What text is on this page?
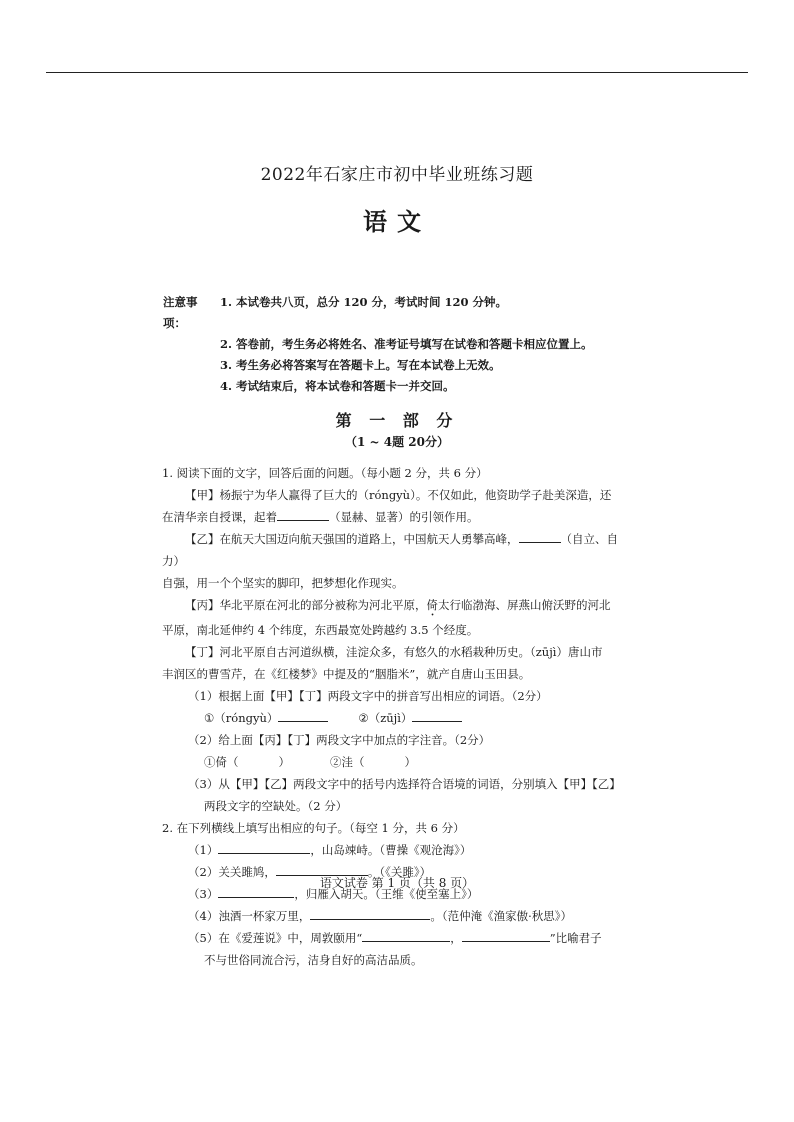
2022年石家庄市初中毕业班练习题
语文
注意事项：
1. 本试卷共八页，总分 120 分，考试时间 120 分钟。
2. 答卷前，考生务必将姓名、准考证号填写在试卷和答题卡相应位置上。
3. 考生务必将答案写在答题卡上。写在本试卷上无效。
4. 考试结束后，将本试卷和答题卡一并交回。
第 一 部 分
（1 ~ 4题 20分）

1. 阅读下面的文字，回答后面的问题。（每小题 2 分，共 6 分）

【甲】杨振宁为华人赢得了巨大的（róngyù）。不仅如此，他资助学子赴美深造，还

在清华亲自授课，起着	（显赫、显著）的引领作用。

【乙】在航天大国迈向航天强国的道路上，中国航天人勇攀高峰，	（自立、自力）

自强，用一个个坚实的脚印，把梦想化作现实。

【丙】华北平原在河北的部分被称为河北平原，倚太行临渤海、屏燕山俯沃野的河北

平原，南北延伸约 4 个纬度，东西最宽处跨越约 3.5 个经度。

【丁】河北平原自古河道纵横，洼淀众多，有悠久的水稻栽种历史。（zūjì）唐山市

丰润区的曹雪芹，在《红楼梦》中提及的“胭脂米”，就产自唐山玉田县。

（1）根据上面【甲】【丁】两段文字中的拼音写出相应的词语。（2分）

①（róngyù）	②（zūjì）

（2）给上面【丙】【丁】两段文字中加点的字注音。（2分）

①倚（	）	②洼（	）

（3）从【甲】【乙】两段文字中的括号内选择符合语境的词语，分别填入【甲】【乙】

两段文字的空缺处。（2 分）

2. 在下列横线上填写出相应的句子。（每空 1 分，共 6 分）

（1）	，山岛竦峙。（曹操《观沧海》）

（2）关关雎鸠，	。（《关雎》）

（3）	，归雁入胡天。（王维《使至塞上》）

（4）浊酒一杯家万里，	。（范仲淹《渔家傲·秋思》）

（5）在《爱莲说》中，周敦颐用“	，	”比喻君子

不与世俗同流合污，洁身自好的高洁品质。

语文试卷 第 1 页（共 8 页）
